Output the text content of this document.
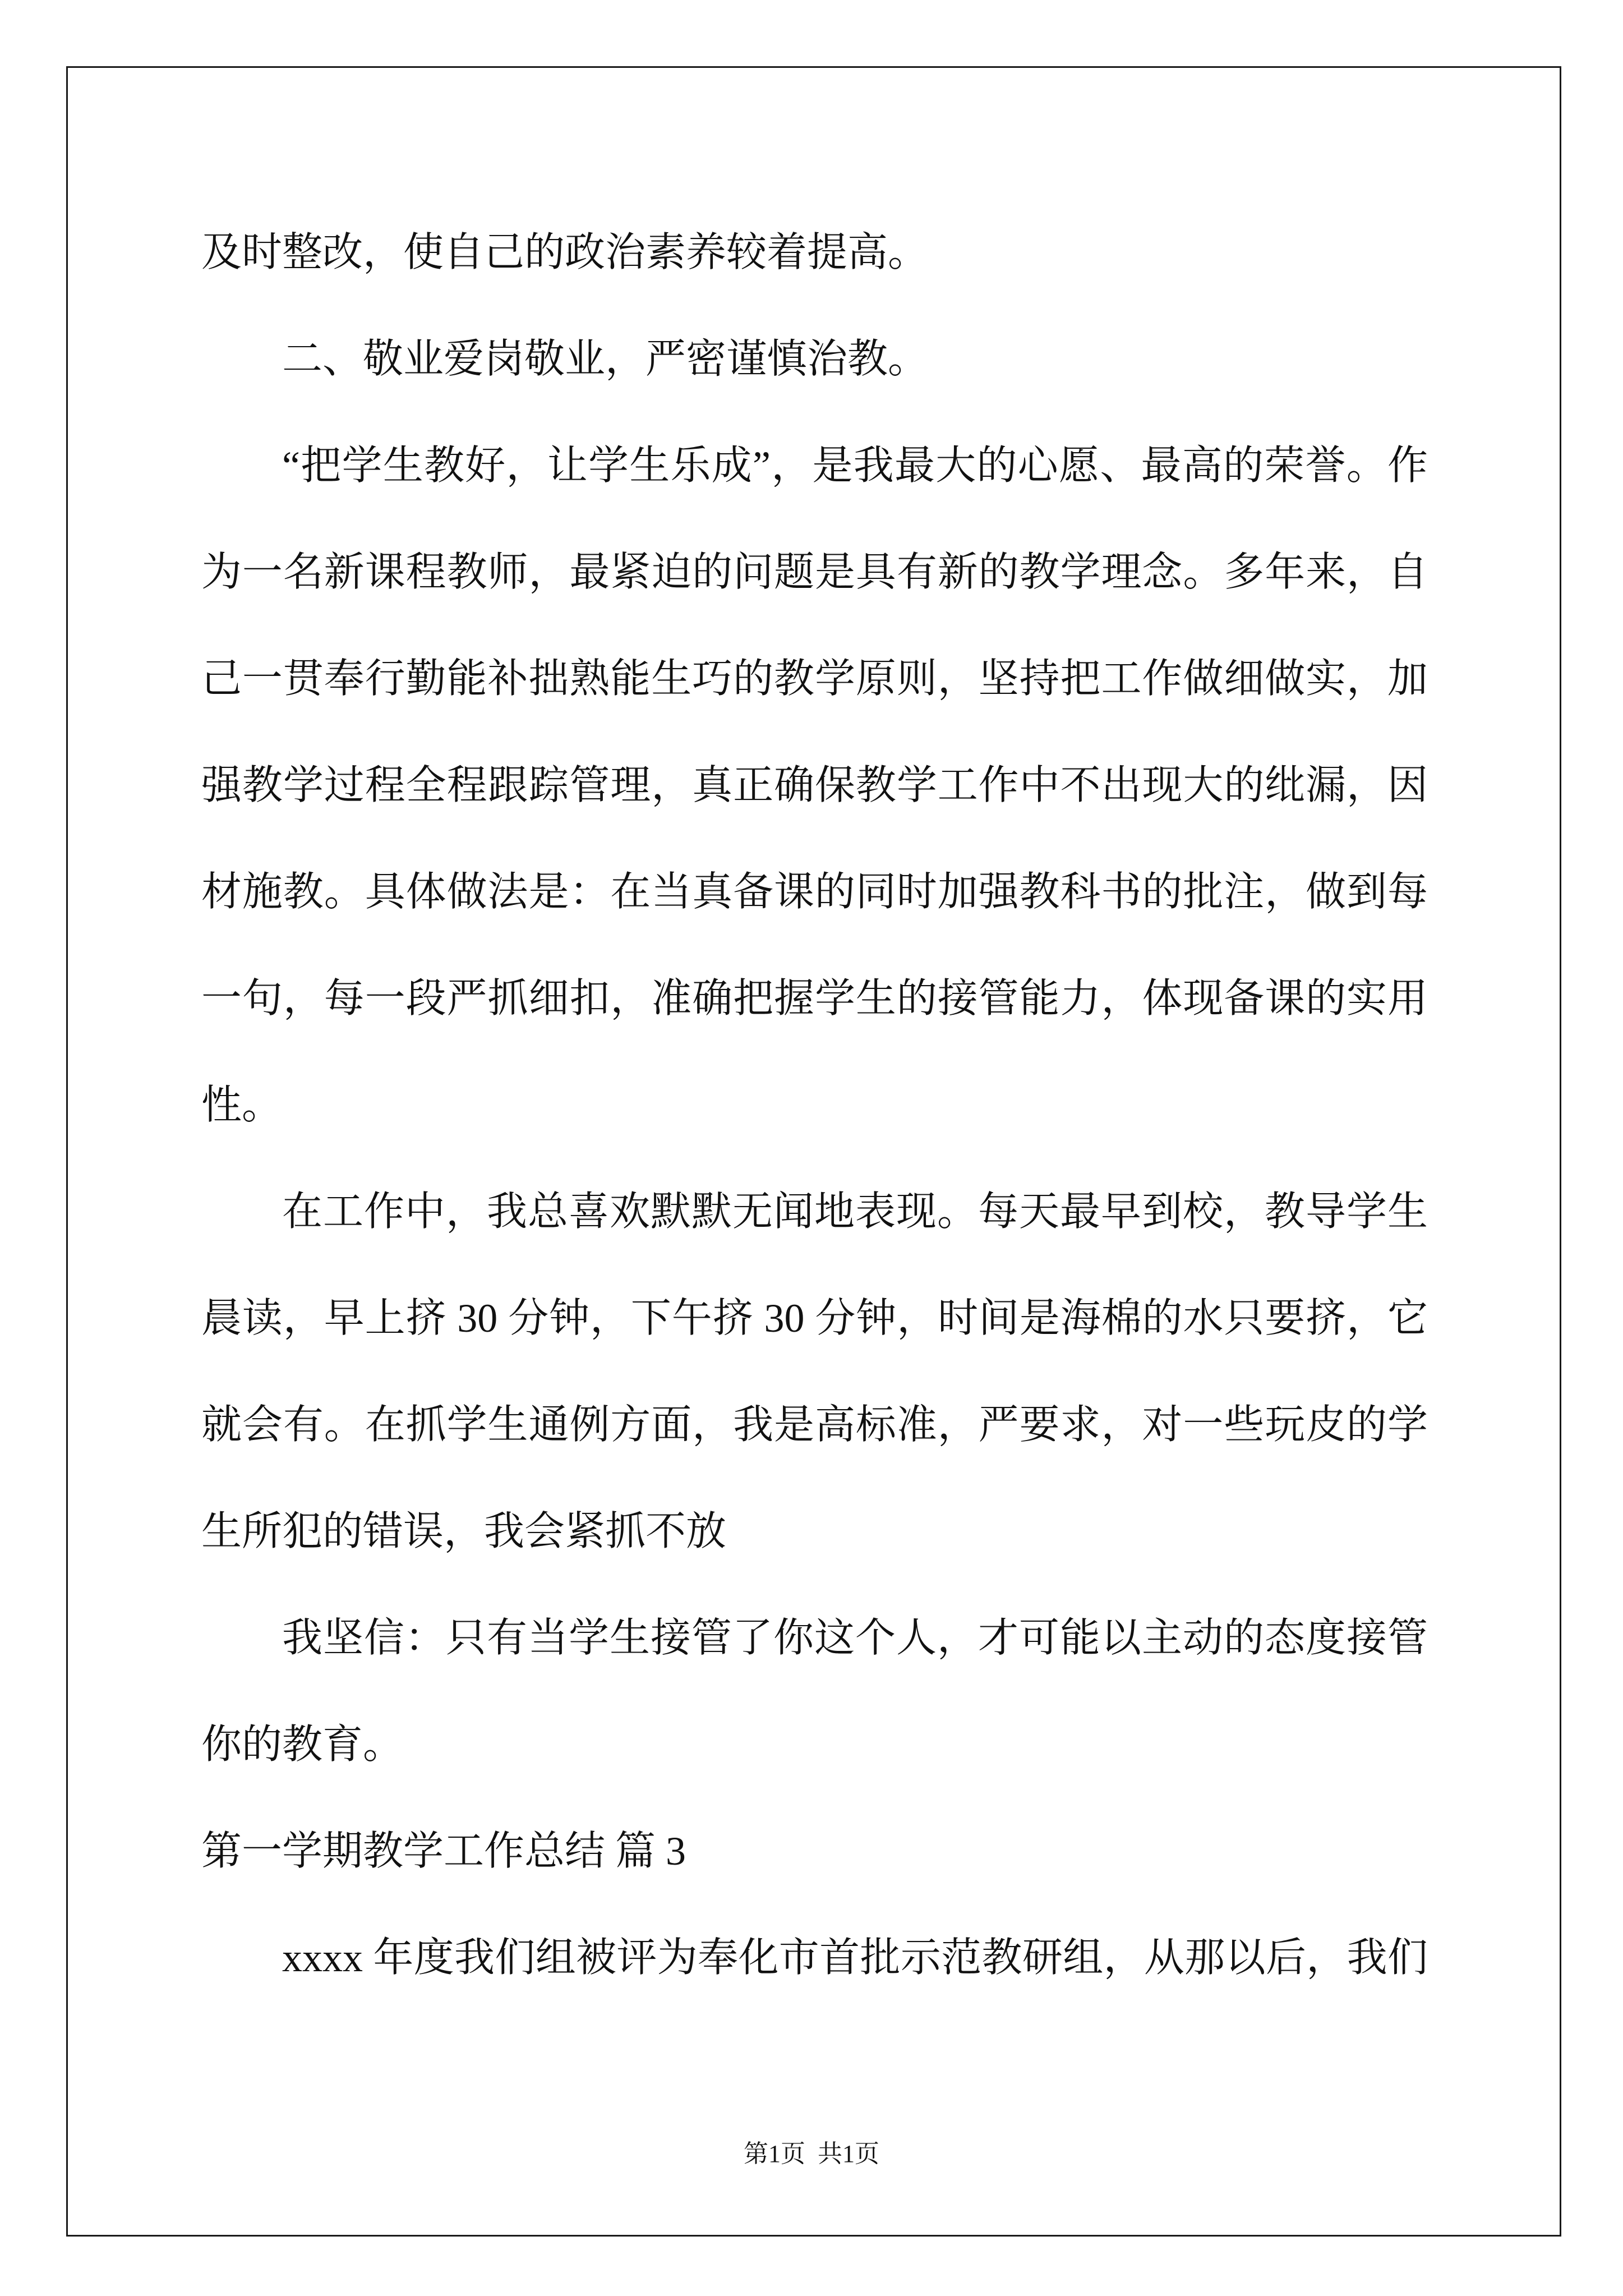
及时整改，使自己的政治素养较着提高。
二、敬业爱岗敬业，严密谨慎治教。
“把学生教好，让学生乐成”，是我最大的心愿、最高的荣誉。作
为一名新课程教师，最紧迫的问题是具有新的教学理念。多年来，自
己一贯奉行勤能补拙熟能生巧的教学原则，坚持把工作做细做实，加
强教学过程全程跟踪管理，真正确保教学工作中不出现大的纰漏，因
材施教。具体做法是：在当真备课的同时加强教科书的批注，做到每
一句，每一段严抓细扣，准确把握学生的接管能力，体现备课的实用
性。
在工作中，我总喜欢默默无闻地表现。每天最早到校，教导学生
晨读，早上挤 30 分钟，下午挤 30 分钟，时间是海棉的水只要挤，它
就会有。在抓学生通例方面，我是高标准，严要求，对一些玩皮的学
生所犯的错误，我会紧抓不放
我坚信：只有当学生接管了你这个人，才可能以主动的态度接管
你的教育。
第一学期教学工作总结 篇 3
xxxx 年度我们组被评为奉化市首批示范教研组，从那以后，我们
第1页  共1页
